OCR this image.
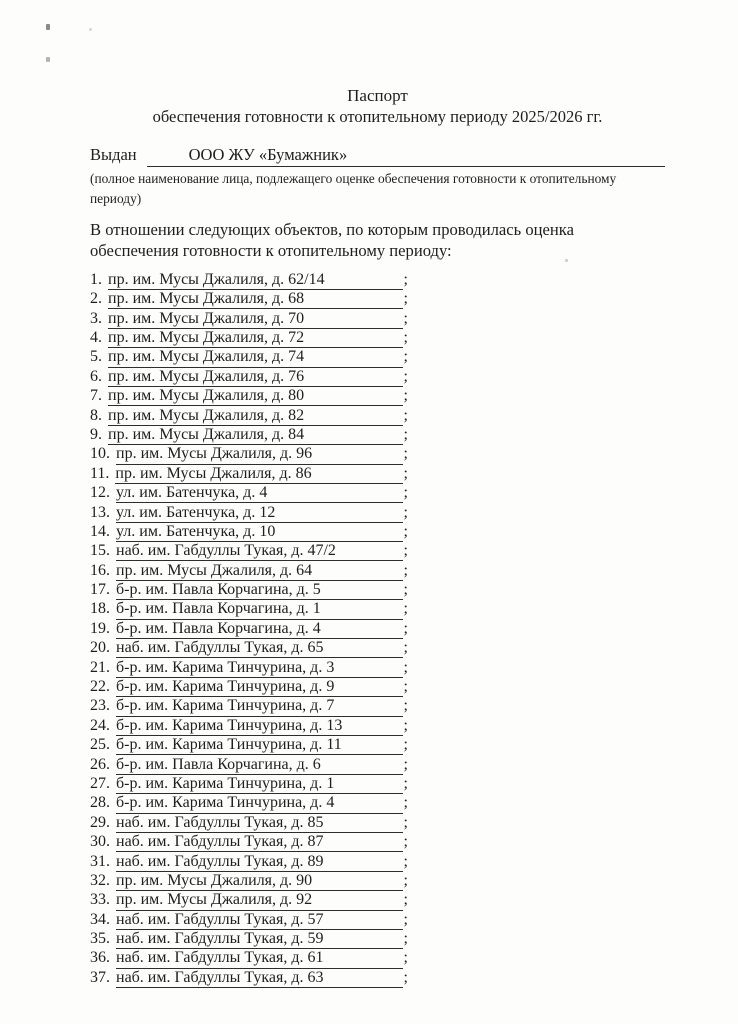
Паспорт
обеспечения готовности к отопительному периоду 2025/2026 гг.
Выдан	ООО ЖУ «Бумажник»
(полное наименование лица, подлежащего оценке обеспечения готовности к отопительному
периоду)
В отношении следующих объектов, по которым проводилась оценка
обеспечения готовности к отопительному периоду:
1. пр. им. Мусы Джалиля, д. 62/14	;
2. пр. им. Мусы Джалиля, д. 68	;
3. пр. им. Мусы Джалиля, д. 70	;
4. пр. им. Мусы Джалиля, д. 72	;
5. пр. им. Мусы Джалиля, д. 74	;
6. пр. им. Мусы Джалиля, д. 76	;
7. пр. им. Мусы Джалиля, д. 80	;
8. пр. им. Мусы Джалиля, д. 82	;
9. пр. им. Мусы Джалиля, д. 84	;
10. пр. им. Мусы Джалиля, д. 96	;
11. пр. им. Мусы Джалиля, д. 86	;
12. ул. им. Батенчука, д. 4	;
13. ул. им. Батенчука, д. 12	;
14. ул. им. Батенчука, д. 10	;
15. наб. им. Габдуллы Тукая, д. 47/2	;
16. пр. им. Мусы Джалиля, д. 64	;
17. б-р. им. Павла Корчагина, д. 5	;
18. б-р. им. Павла Корчагина, д. 1	;
19. б-р. им. Павла Корчагина, д. 4	;
20. наб. им. Габдуллы Тукая, д. 65	;
21. б-р. им. Карима Тинчурина, д. 3	;
22. б-р. им. Карима Тинчурина, д. 9	;
23. б-р. им. Карима Тинчурина, д. 7	;
24. б-р. им. Карима Тинчурина, д. 13	;
25. б-р. им. Карима Тинчурина, д. 11	;
26. б-р. им. Павла Корчагина, д. 6	;
27. б-р. им. Карима Тинчурина, д. 1	;
28. б-р. им. Карима Тинчурина, д. 4	;
29. наб. им. Габдуллы Тукая, д. 85	;
30. наб. им. Габдуллы Тукая, д. 87	;
31. наб. им. Габдуллы Тукая, д. 89	;
32. пр. им. Мусы Джалиля, д. 90	;
33. пр. им. Мусы Джалиля, д. 92	;
34. наб. им. Габдуллы Тукая, д. 57	;
35. наб. им. Габдуллы Тукая, д. 59	;
36. наб. им. Габдуллы Тукая, д. 61	;
37. наб. им. Габдуллы Тукая, д. 63	;
